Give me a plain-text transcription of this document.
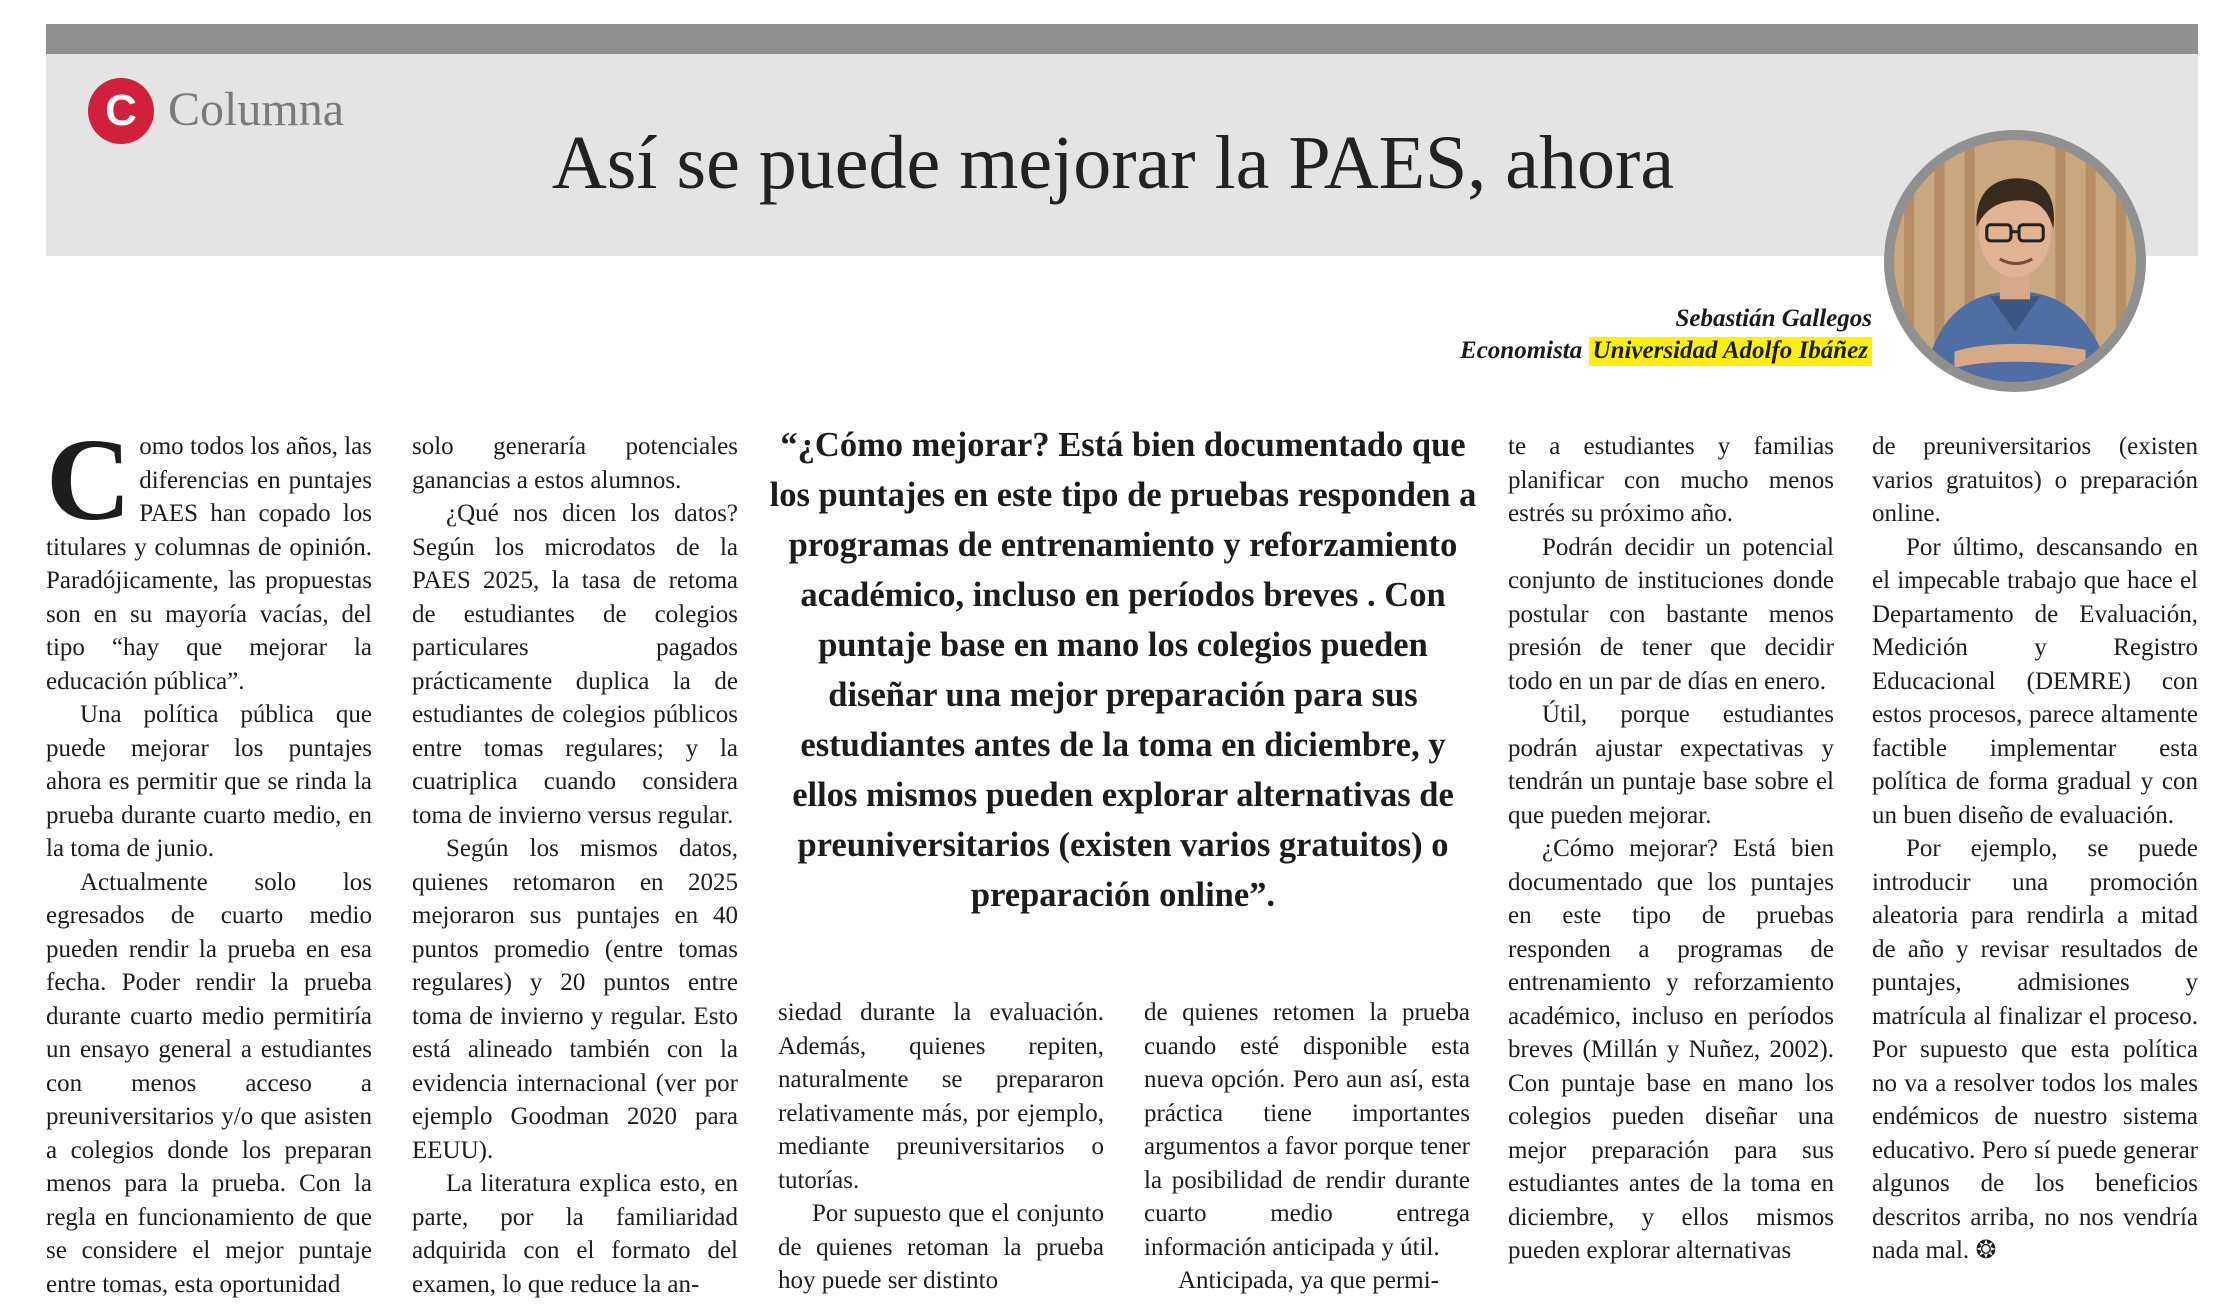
C Columna
Así se puede mejorar la PAES, ahora
Sebastián Gallegos
Economista Universidad Adolfo Ibáñez

Como todos los años, las diferencias en puntajes PAES han copado los titulares y columnas de opinión. Paradójicamente, las propuestas son en su mayoría vacías, del tipo “hay que mejorar la educación pública”.

Una política pública que puede mejorar los puntajes ahora es permitir que se rinda la prueba durante cuarto medio, en la toma de junio.

Actualmente solo los egresados de cuarto medio pueden rendir la prueba en esa fecha. Poder rendir la prueba durante cuarto medio permitiría un ensayo general a estudiantes con menos acceso a preuniversitarios y/o que asisten a colegios donde los preparan menos para la prueba. Con la regla en funcionamiento de que se considere el mejor puntaje entre tomas, esta oportunidad

solo generaría potenciales ganancias a estos alumnos.

¿Qué nos dicen los datos? Según los microdatos de la PAES 2025, la tasa de retoma de estudiantes de colegios particulares pagados prácticamente duplica la de estudiantes de colegios públicos entre tomas regulares; y la cuatriplica cuando considera toma de invierno versus regular.

Según los mismos datos, quienes retomaron en 2025 mejoraron sus puntajes en 40 puntos promedio (entre tomas regulares) y 20 puntos entre toma de invierno y regular. Esto está alineado también con la evidencia internacional (ver por ejemplo Goodman 2020 para EEUU).

La literatura explica esto, en parte, por la familiaridad adquirida con el formato del examen, lo que reduce la an-

“¿Cómo mejorar? Está bien documentado que los puntajes en este tipo de pruebas responden a programas de entrenamiento y reforzamiento académico, incluso en períodos breves . Con puntaje base en mano los colegios pueden diseñar una mejor preparación para sus estudiantes antes de la toma en diciembre, y ellos mismos pueden explorar alternativas de preuniversitarios (existen varios gratuitos) o preparación online”.

siedad durante la evaluación. Además, quienes repiten, naturalmente se prepararon relativamente más, por ejemplo, mediante preuniversitarios o tutorías.

Por supuesto que el conjunto de quienes retoman la prueba hoy puede ser distinto

de quienes retomen la prueba cuando esté disponible esta nueva opción. Pero aun así, esta práctica tiene importantes argumentos a favor porque tener la posibilidad de rendir durante cuarto medio entrega información anticipada y útil.

Anticipada, ya que permi-

te a estudiantes y familias planificar con mucho menos estrés su próximo año.

Podrán decidir un potencial conjunto de instituciones donde postular con bastante menos presión de tener que decidir todo en un par de días en enero.

Útil, porque estudiantes podrán ajustar expectativas y tendrán un puntaje base sobre el que pueden mejorar.

¿Cómo mejorar? Está bien documentado que los puntajes en este tipo de pruebas responden a programas de entrenamiento y reforzamiento académico, incluso en períodos breves (Millán y Nuñez, 2002). Con puntaje base en mano los colegios pueden diseñar una mejor preparación para sus estudiantes antes de la toma en diciembre, y ellos mismos pueden explorar alternativas

de preuniversitarios (existen varios gratuitos) o preparación online.

Por último, descansando en el impecable trabajo que hace el Departamento de Evaluación, Medición y Registro Educacional (DEMRE) con estos procesos, parece altamente factible implementar esta política de forma gradual y con un buen diseño de evaluación.

Por ejemplo, se puede introducir una promoción aleatoria para rendirla a mitad de año y revisar resultados de puntajes, admisiones y matrícula al finalizar el proceso. Por supuesto que esta política no va a resolver todos los males endémicos de nuestro sistema educativo. Pero sí puede generar algunos de los beneficios descritos arriba, no nos vendría nada mal. ❂
